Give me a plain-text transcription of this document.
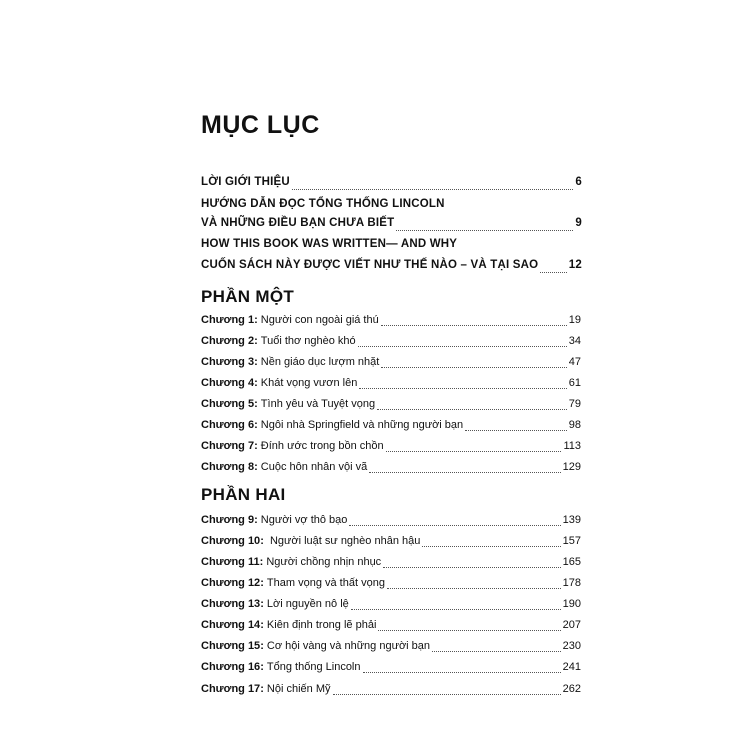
MỤC LỤC
LỜI GIỚI THIỆU	6
HƯỚNG DẪN ĐỌC TỔNG THỐNG LINCOLN
VÀ NHỮNG ĐIỀU BẠN CHƯA BIẾT	9
HOW THIS BOOK WAS WRITTEN— AND WHY
CUỐN SÁCH NÀY ĐƯỢC VIẾT NHƯ THẾ NÀO – VÀ TẠI SAO	12
PHẦN MỘT
Chương 1 : Người con ngoài giá thú	19
Chương 2 : Tuổi thơ nghèo khó	34
Chương 3 : Nền giáo dục lượm nhặt	47
Chương 4 : Khát vọng vươn lên	61
Chương 5 : Tình yêu và Tuyệt vọng	79
Chương 6 : Ngôi nhà Springfield và những người bạn	98
Chương 7 : Đính ước trong bồn chồn	113
Chương 8 : Cuộc hôn nhân vội vã	129
PHẦN HAI
Chương 9 : Người vợ thô bạo	139
Chương 10 : Người luật sư nghèo nhân hậu	157
Chương 11 : Người chồng nhịn nhục	165
Chương 12 : Tham vọng và thất vọng	178
Chương 13 : Lời nguyền nô lệ	190
Chương 14 : Kiên định trong lẽ phải	207
Chương 15 : Cơ hội vàng và những người bạn	230
Chương 16 : Tổng thống Lincoln	241
Chương 17 : Nội chiến Mỹ	262
